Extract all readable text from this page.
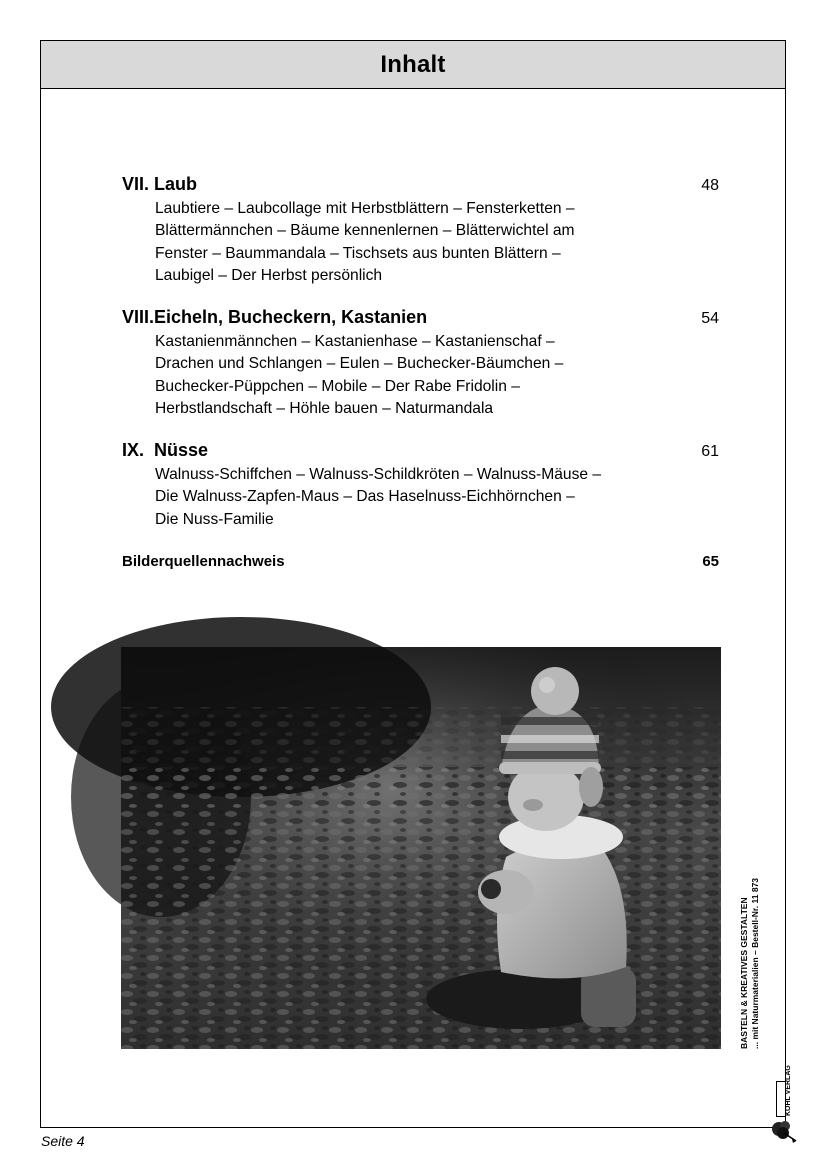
Inhalt
VII. Laub	48
Laubtiere – Laubcollage mit Herbstblättern – Fensterketten –
Blättermännchen – Bäume kennenlernen – Blätterwichtel am
Fenster – Baummandala – Tischsets aus bunten Blättern –
Laubigel – Der Herbst persönlich
VIII. Eicheln, Bucheckern, Kastanien	54
Kastanienmännchen – Kastanienhase – Kastanienschaf –
Drachen und Schlangen – Eulen – Buchecker-Bäumchen –
Buchecker-Püppchen – Mobile – Der Rabe Fridolin –
Herbstlandschaft – Höhle bauen – Naturmandala
IX. Nüsse	61
Walnuss-Schiffchen – Walnuss-Schildkröten – Walnuss-Mäuse –
Die Walnuss-Zapfen-Maus – Das Haselnuss-Eichhörnchen –
Die Nuss-Familie
Bilderquellennachweis	65
BASTELN & KREATIVES GESTALTEN ... mit Naturmaterialien – Bestell-Nr. 11 873
KOHL VERLAG
Seite 4
